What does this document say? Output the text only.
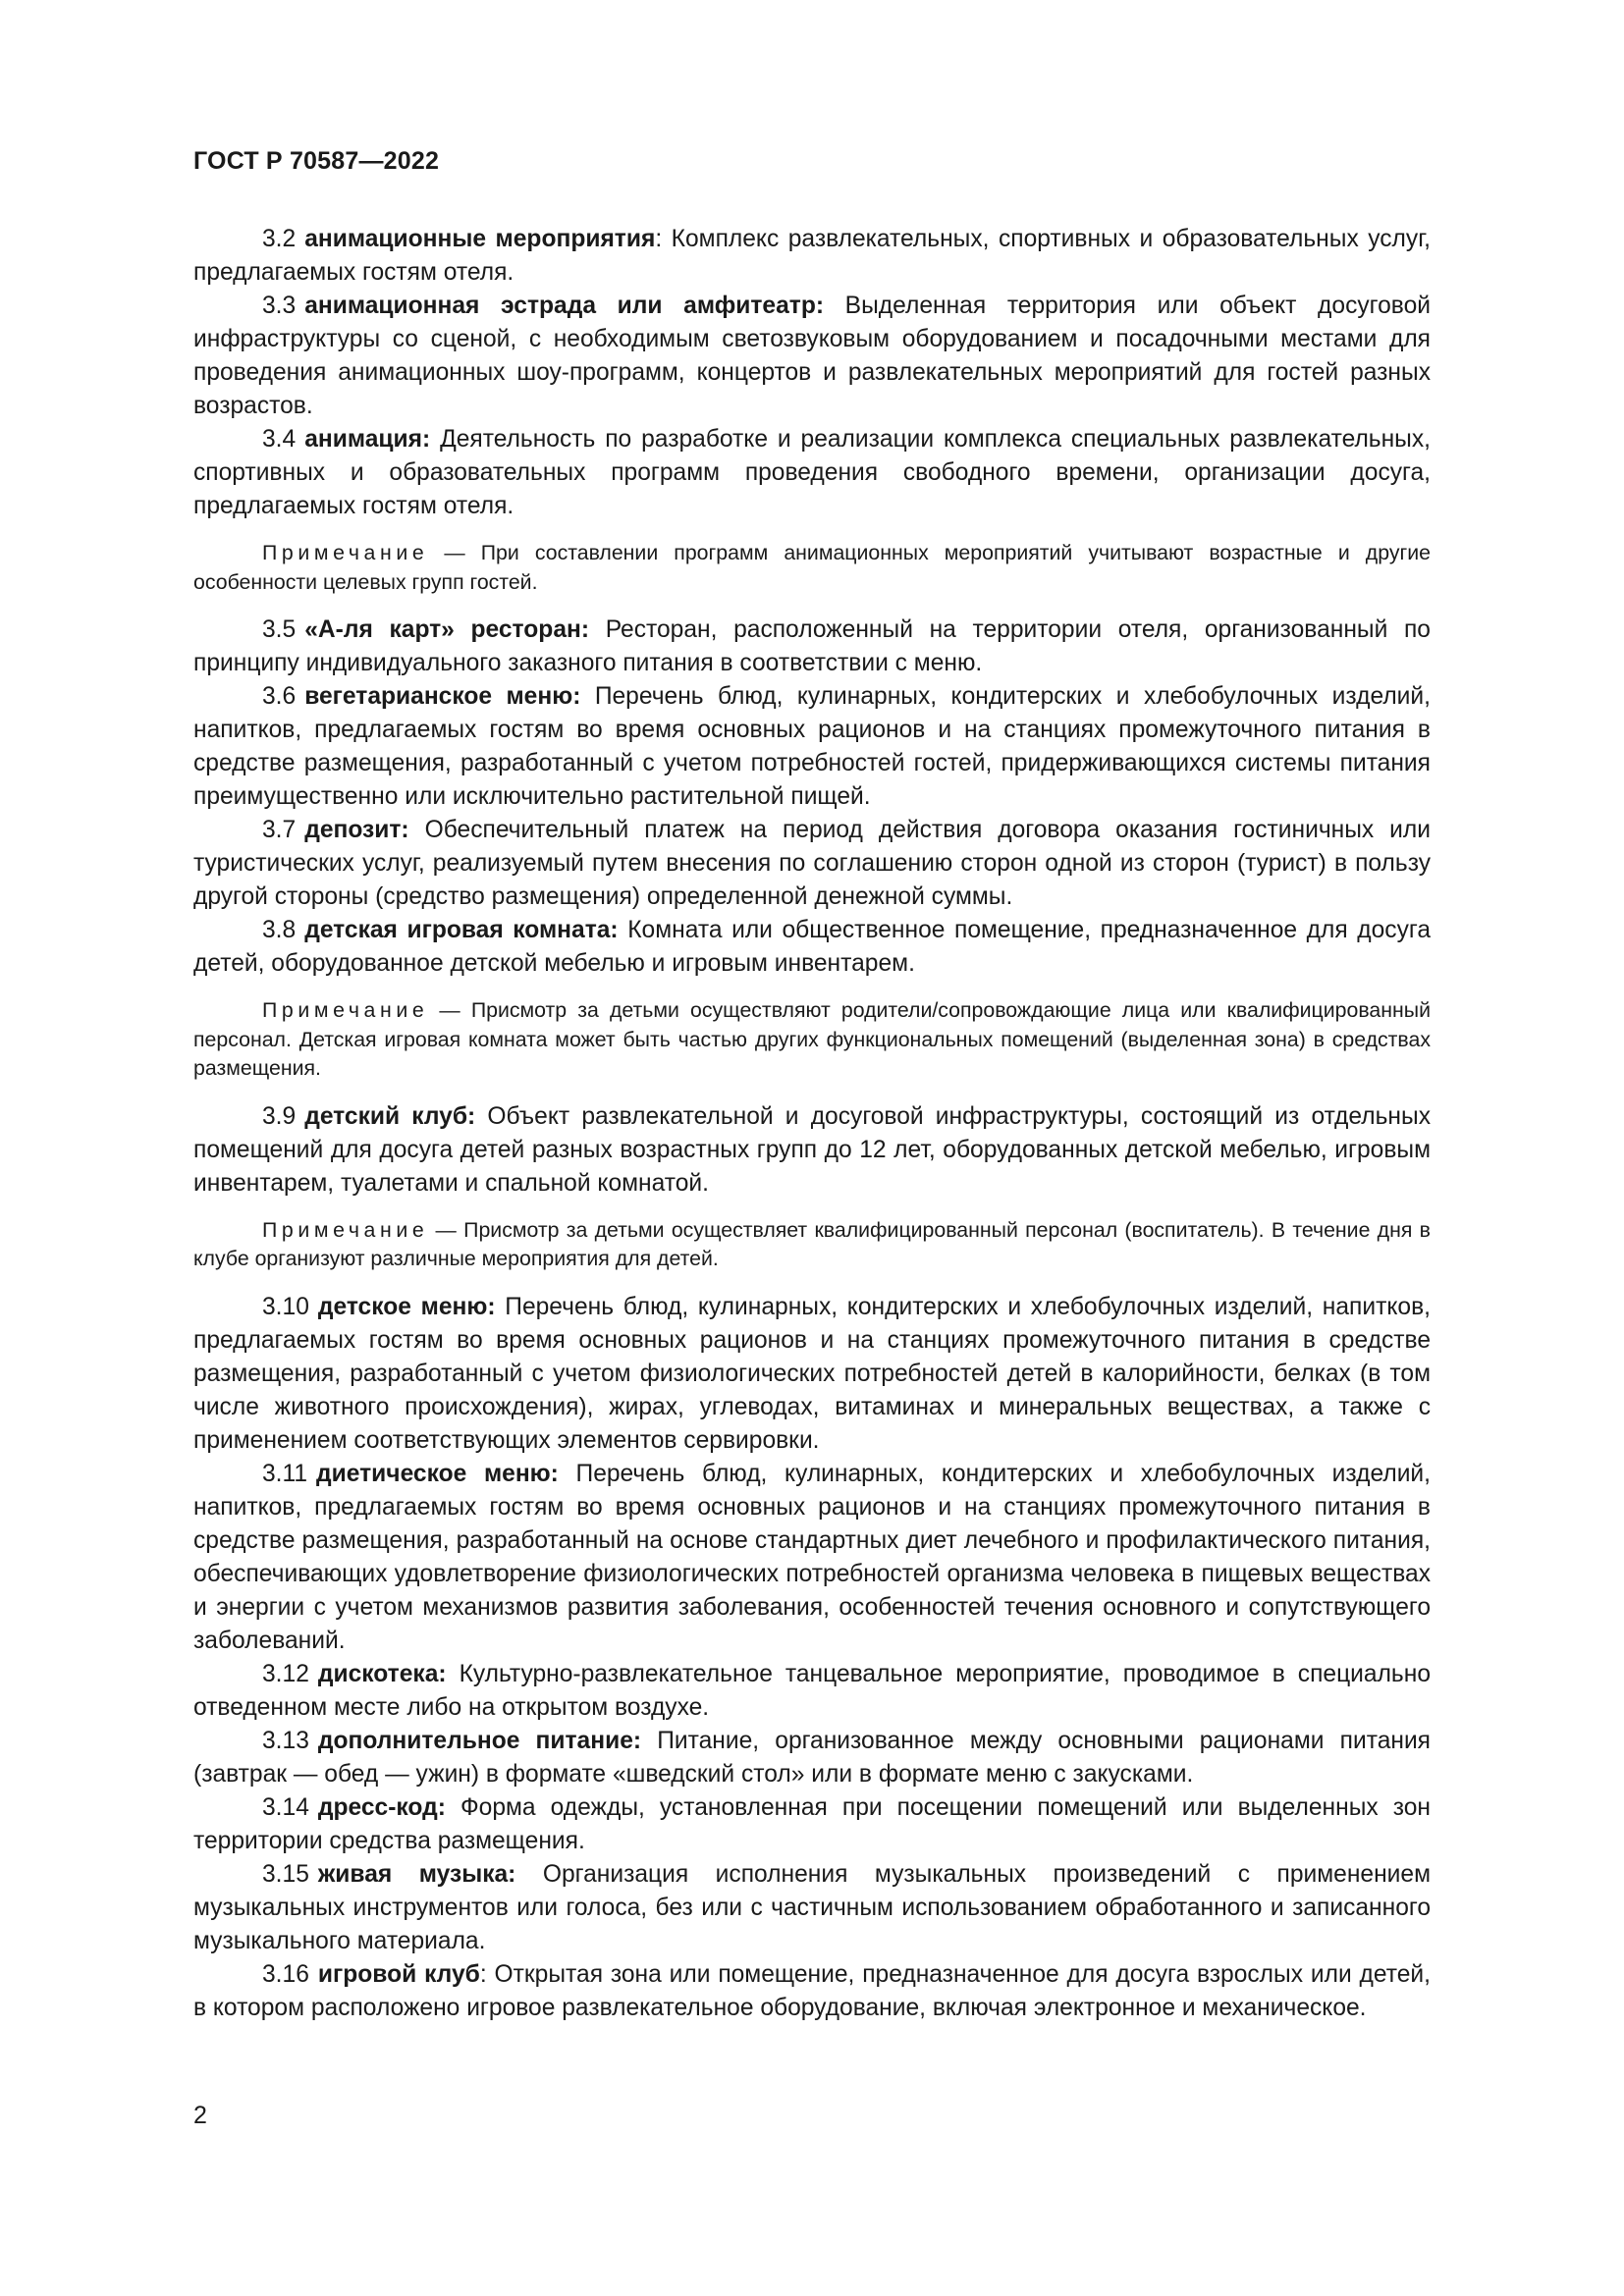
ГОСТ Р 70587—2022

3.2 анимационные мероприятия: Комплекс развлекательных, спортивных и образовательных услуг, предлагаемых гостям отеля.

3.3 анимационная эстрада или амфитеатр: Выделенная территория или объект досуговой инфраструктуры со сценой, с необходимым светозвуковым оборудованием и посадочными местами для проведения анимационных шоу-программ, концертов и развлекательных мероприятий для гостей разных возрастов.

3.4 анимация: Деятельность по разработке и реализации комплекса специальных развлекательных, спортивных и образовательных программ проведения свободного времени, организации досуга, предлагаемых гостям отеля.

Примечание — При составлении программ анимационных мероприятий учитывают возрастные и другие особенности целевых групп гостей.

3.5 «А-ля карт» ресторан: Ресторан, расположенный на территории отеля, организованный по принципу индивидуального заказного питания в соответствии с меню.

3.6 вегетарианское меню: Перечень блюд, кулинарных, кондитерских и хлебобулочных изделий, напитков, предлагаемых гостям во время основных рационов и на станциях промежуточного питания в средстве размещения, разработанный с учетом потребностей гостей, придерживающихся системы питания преимущественно или исключительно растительной пищей.

3.7 депозит: Обеспечительный платеж на период действия договора оказания гостиничных или туристических услуг, реализуемый путем внесения по соглашению сторон одной из сторон (турист) в пользу другой стороны (средство размещения) определенной денежной суммы.

3.8 детская игровая комната: Комната или общественное помещение, предназначенное для досуга детей, оборудованное детской мебелью и игровым инвентарем.

Примечание — Присмотр за детьми осуществляют родители/сопровождающие лица или квалифицированный персонал. Детская игровая комната может быть частью других функциональных помещений (выделенная зона) в средствах размещения.

3.9 детский клуб: Объект развлекательной и досуговой инфраструктуры, состоящий из отдельных помещений для досуга детей разных возрастных групп до 12 лет, оборудованных детской мебелью, игровым инвентарем, туалетами и спальной комнатой.

Примечание — Присмотр за детьми осуществляет квалифицированный персонал (воспитатель). В течение дня в клубе организуют различные мероприятия для детей.

3.10 детское меню: Перечень блюд, кулинарных, кондитерских и хлебобулочных изделий, напитков, предлагаемых гостям во время основных рационов и на станциях промежуточного питания в средстве размещения, разработанный с учетом физиологических потребностей детей в калорийности, белках (в том числе животного происхождения), жирах, углеводах, витаминах и минеральных веществах, а также с применением соответствующих элементов сервировки.

3.11 диетическое меню: Перечень блюд, кулинарных, кондитерских и хлебобулочных изделий, напитков, предлагаемых гостям во время основных рационов и на станциях промежуточного питания в средстве размещения, разработанный на основе стандартных диет лечебного и профилактического питания, обеспечивающих удовлетворение физиологических потребностей организма человека в пищевых веществах и энергии с учетом механизмов развития заболевания, особенностей течения основного и сопутствующего заболеваний.

3.12 дискотека: Культурно-развлекательное танцевальное мероприятие, проводимое в специально отведенном месте либо на открытом воздухе.

3.13 дополнительное питание: Питание, организованное между основными рационами питания (завтрак — обед — ужин) в формате «шведский стол» или в формате меню с закусками.

3.14 дресс-код: Форма одежды, установленная при посещении помещений или выделенных зон территории средства размещения.

3.15 живая музыка: Организация исполнения музыкальных произведений с применением музыкальных инструментов или голоса, без или с частичным использованием обработанного и записанного музыкального материала.

3.16 игровой клуб: Открытая зона или помещение, предназначенное для досуга взрослых или детей, в котором расположено игровое развлекательное оборудование, включая электронное и механическое.

2
